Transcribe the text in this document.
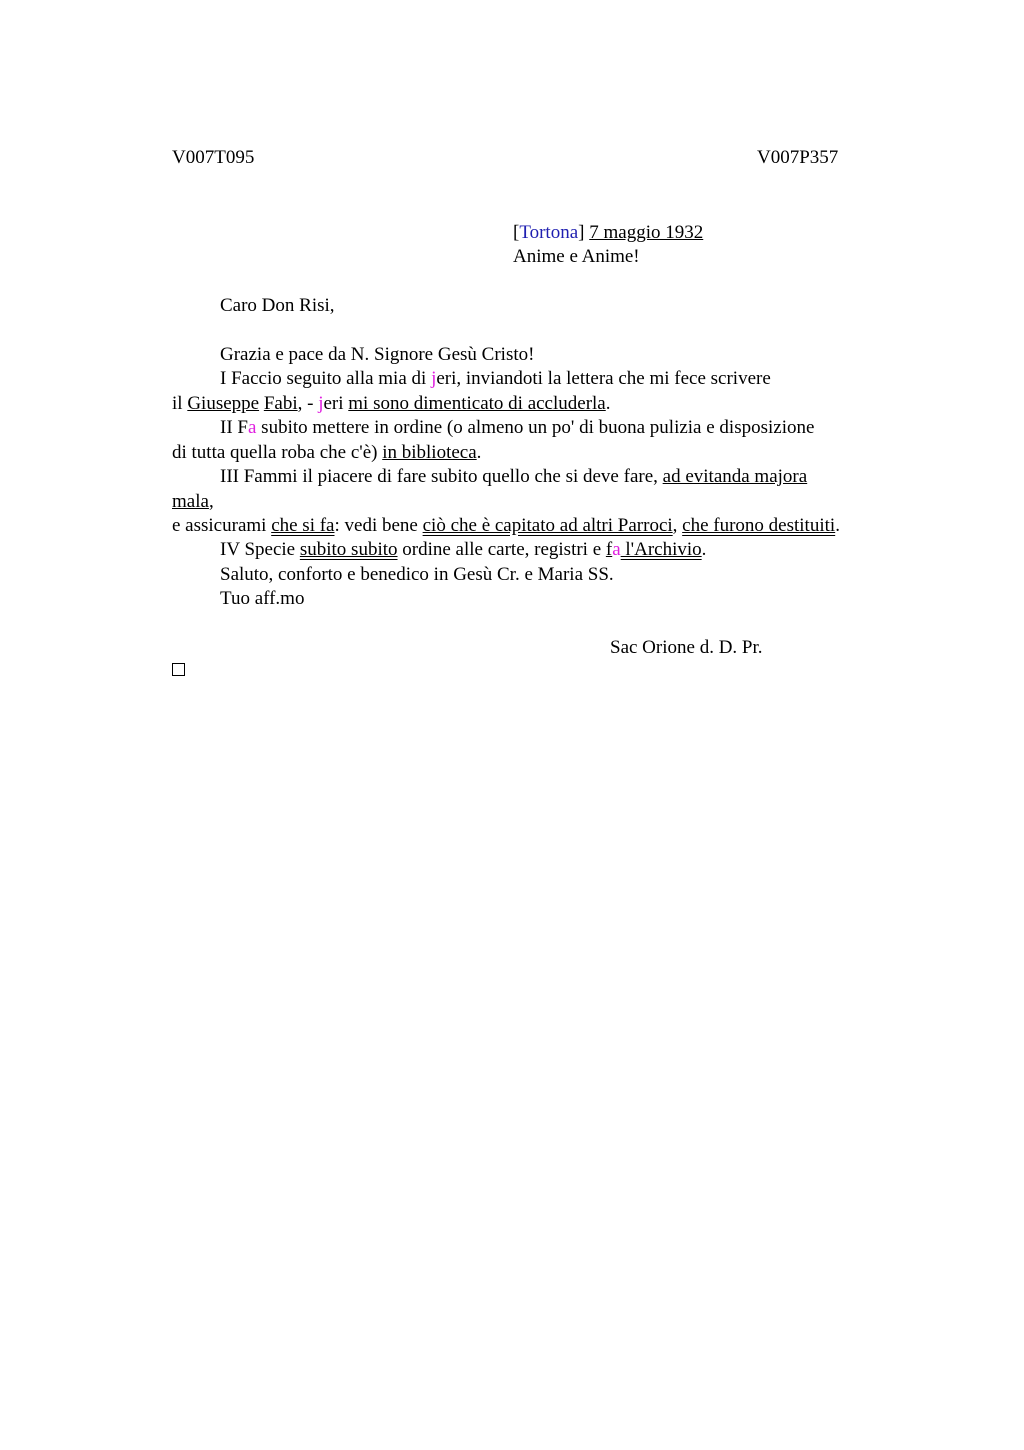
V007T095	V007P357
[Tortona] 7 maggio 1932
Anime e Anime!
Caro Don Risi,
Grazia e pace da N. Signore Gesù Cristo!
I Faccio seguito alla mia di jeri, inviandoti la lettera che mi fece scrivere
il Giuseppe Fabi, - jeri mi sono dimenticato di accluderla.
II Fa subito mettere in ordine (o almeno un po' di buona pulizia e disposizione
di tutta quella roba che c'è) in biblioteca.
III Fammi il piacere di fare subito quello che si deve fare, ad evitanda majora
mala,
e assicurami che si fa: vedi bene ciò che è capitato ad altri Parroci, che furono destituiti.
IV Specie subito subito ordine alle carte, registri e fa l'Archivio.
Saluto, conforto e benedico in Gesù Cr. e Maria SS.
Tuo aff.mo
Sac Orione d. D. Pr.
